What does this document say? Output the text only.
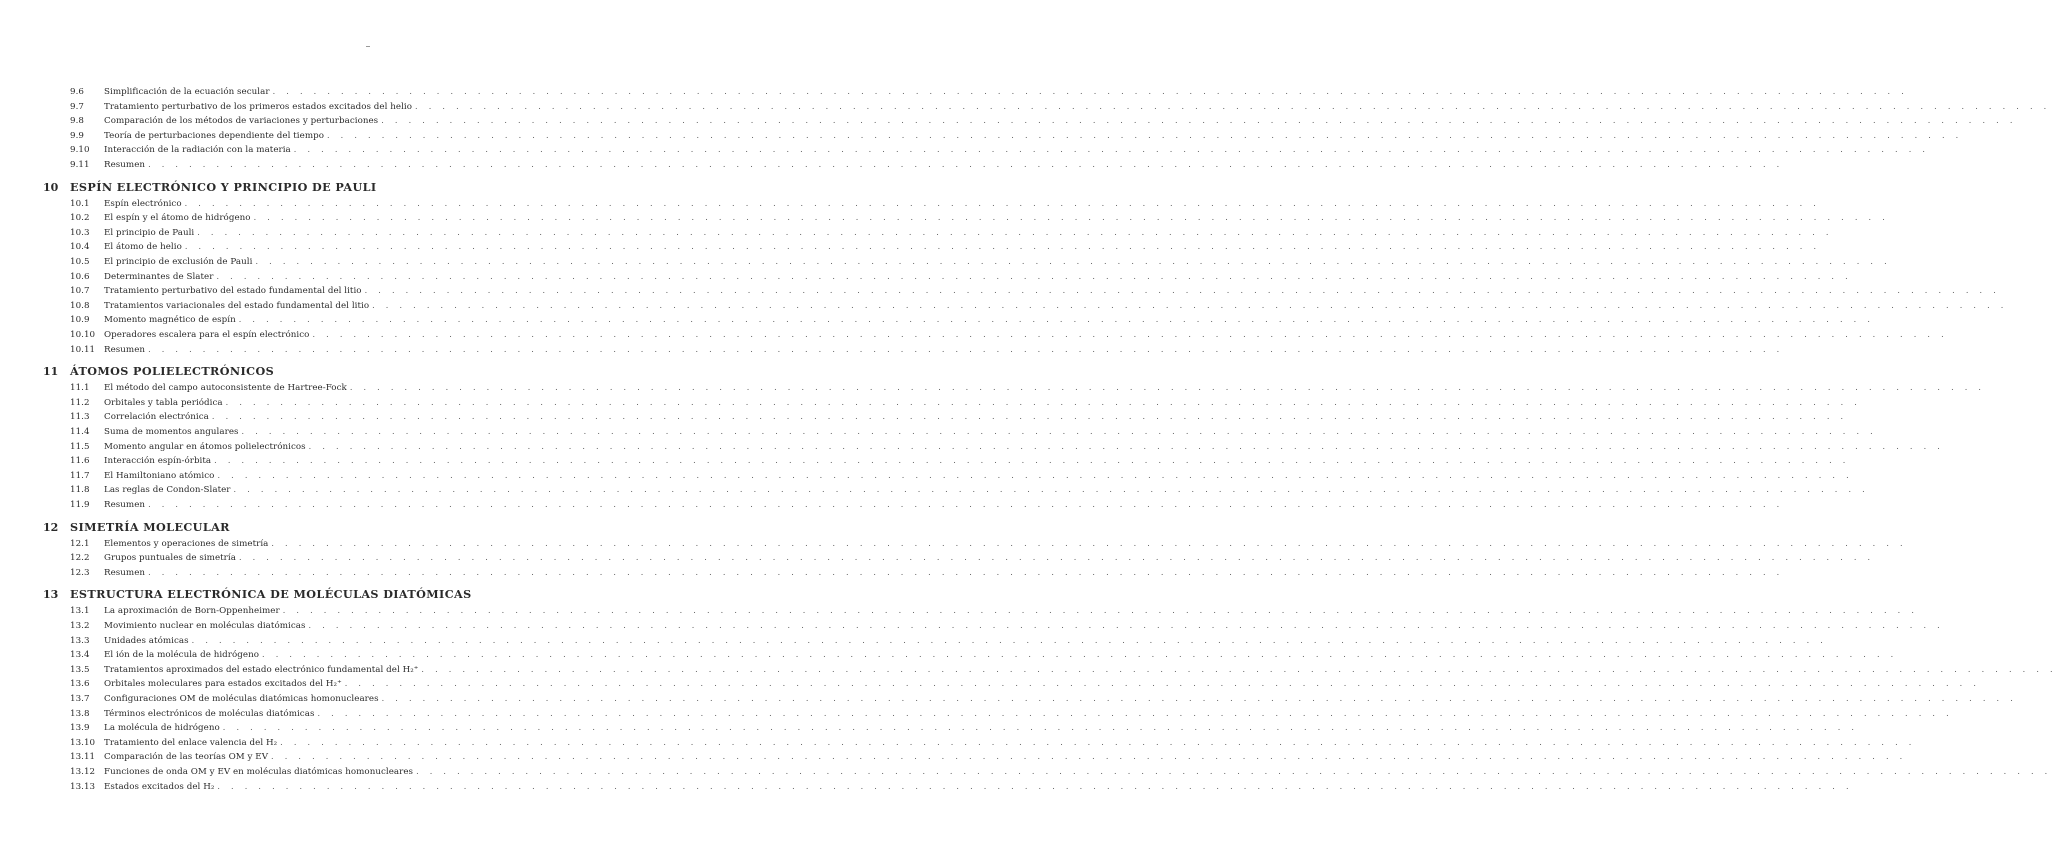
9.6	Simplificación de la ecuación secular . . . . . . . . . . . . . . . . . . . . . . . . . . . . . . . . . . . . . . . . . . . . . . . . . . . . . . . . . . . . . . . . . . . . . . . . . . . . . . . . . . . . . . . . . . . . . . . . . . . . . . . . . . . . . . . . . . . . . . . .
9.7	Tratamiento perturbativo de los primeros estados excitados del helio . . . . . . . . . . . . . . . . . . . . . . . . . . . . . . . . . . . . . . . . . . . . . . . . . . . . . . . . . . . . . . . . . . . . . . . . . . . . . . . . . . . . . . . . . . . . . . . . . . . . . . . . . . . . . . . . . . . . . . . .
9.8	Comparación de los métodos de variaciones y perturbaciones . . . . . . . . . . . . . . . . . . . . . . . . . . . . . . . . . . . . . . . . . . . . . . . . . . . . . . . . . . . . . . . . . . . . . . . . . . . . . . . . . . . . . . . . . . . . . . . . . . . . . . . . . . . . . . . . . . . . . . . .
9.9	Teoría de perturbaciones dependiente del tiempo . . . . . . . . . . . . . . . . . . . . . . . . . . . . . . . . . . . . . . . . . . . . . . . . . . . . . . . . . . . . . . . . . . . . . . . . . . . . . . . . . . . . . . . . . . . . . . . . . . . . . . . . . . . . . . . . . . . . . . . .
9.10	Interacción de la radiación con la materia . . . . . . . . . . . . . . . . . . . . . . . . . . . . . . . . . . . . . . . . . . . . . . . . . . . . . . . . . . . . . . . . . . . . . . . . . . . . . . . . . . . . . . . . . . . . . . . . . . . . . . . . . . . . . . . . . . . . . . . .
9.11	Resumen . . . . . . . . . . . . . . . . . . . . . . . . . . . . . . . . . . . . . . . . . . . . . . . . . . . . . . . . . . . . . . . . . . . . . . . . . . . . . . . . . . . . . . . . . . . . . . . . . . . . . . . . . . . . . . . . . . . . . . . .
10	ESPÍN ELECTRÓNICO Y PRINCIPIO DE PAULI
10.1	Espín electrónico . . . . . . . . . . . . . . . . . . . . . . . . . . . . . . . . . . . . . . . . . . . . . . . . . . . . . . . . . . . . . . . . . . . . . . . . . . . . . . . . . . . . . . . . . . . . . . . . . . . . . . . . . . . . . . . . . . . . . . . .
10.2	El espín y el átomo de hidrógeno . . . . . . . . . . . . . . . . . . . . . . . . . . . . . . . . . . . . . . . . . . . . . . . . . . . . . . . . . . . . . . . . . . . . . . . . . . . . . . . . . . . . . . . . . . . . . . . . . . . . . . . . . . . . . . . . . . . . . . . .
10.3	El principio de Pauli . . . . . . . . . . . . . . . . . . . . . . . . . . . . . . . . . . . . . . . . . . . . . . . . . . . . . . . . . . . . . . . . . . . . . . . . . . . . . . . . . . . . . . . . . . . . . . . . . . . . . . . . . . . . . . . . . . . . . . . .
10.4	El átomo de helio . . . . . . . . . . . . . . . . . . . . . . . . . . . . . . . . . . . . . . . . . . . . . . . . . . . . . . . . . . . . . . . . . . . . . . . . . . . . . . . . . . . . . . . . . . . . . . . . . . . . . . . . . . . . . . . . . . . . . . . .
10.5	El principio de exclusión de Pauli . . . . . . . . . . . . . . . . . . . . . . . . . . . . . . . . . . . . . . . . . . . . . . . . . . . . . . . . . . . . . . . . . . . . . . . . . . . . . . . . . . . . . . . . . . . . . . . . . . . . . . . . . . . . . . . . . . . . . . . .
10.6	Determinantes de Slater . . . . . . . . . . . . . . . . . . . . . . . . . . . . . . . . . . . . . . . . . . . . . . . . . . . . . . . . . . . . . . . . . . . . . . . . . . . . . . . . . . . . . . . . . . . . . . . . . . . . . . . . . . . . . . . . . . . . . . . .
10.7	Tratamiento perturbativo del estado fundamental del litio . . . . . . . . . . . . . . . . . . . . . . . . . . . . . . . . . . . . . . . . . . . . . . . . . . . . . . . . . . . . . . . . . . . . . . . . . . . . . . . . . . . . . . . . . . . . . . . . . . . . . . . . . . . . . . . . . . . . . . . .
10.8	Tratamientos variacionales del estado fundamental del litio . . . . . . . . . . . . . . . . . . . . . . . . . . . . . . . . . . . . . . . . . . . . . . . . . . . . . . . . . . . . . . . . . . . . . . . . . . . . . . . . . . . . . . . . . . . . . . . . . . . . . . . . . . . . . . . . . . . . . . . .
10.9	Momento magnético de espín . . . . . . . . . . . . . . . . . . . . . . . . . . . . . . . . . . . . . . . . . . . . . . . . . . . . . . . . . . . . . . . . . . . . . . . . . . . . . . . . . . . . . . . . . . . . . . . . . . . . . . . . . . . . . . . . . . . . . . . .
10.10	Operadores escalera para el espín electrónico . . . . . . . . . . . . . . . . . . . . . . . . . . . . . . . . . . . . . . . . . . . . . . . . . . . . . . . . . . . . . . . . . . . . . . . . . . . . . . . . . . . . . . . . . . . . . . . . . . . . . . . . . . . . . . . . . . . . . . . .
10.11	Resumen . . . . . . . . . . . . . . . . . . . . . . . . . . . . . . . . . . . . . . . . . . . . . . . . . . . . . . . . . . . . . . . . . . . . . . . . . . . . . . . . . . . . . . . . . . . . . . . . . . . . . . . . . . . . . . . . . . . . . . . .
11	ÁTOMOS POLIELECTRÓNICOS
11.1	El método del campo autoconsistente de Hartree-Fock . . . . . . . . . . . . . . . . . . . . . . . . . . . . . . . . . . . . . . . . . . . . . . . . . . . . . . . . . . . . . . . . . . . . . . . . . . . . . . . . . . . . . . . . . . . . . . . . . . . . . . . . . . . . . . . . . . . . . . . .
11.2	Orbitales y tabla periódica . . . . . . . . . . . . . . . . . . . . . . . . . . . . . . . . . . . . . . . . . . . . . . . . . . . . . . . . . . . . . . . . . . . . . . . . . . . . . . . . . . . . . . . . . . . . . . . . . . . . . . . . . . . . . . . . . . . . . . . .
11.3	Correlación electrónica . . . . . . . . . . . . . . . . . . . . . . . . . . . . . . . . . . . . . . . . . . . . . . . . . . . . . . . . . . . . . . . . . . . . . . . . . . . . . . . . . . . . . . . . . . . . . . . . . . . . . . . . . . . . . . . . . . . . . . . .
11.4	Suma de momentos angulares . . . . . . . . . . . . . . . . . . . . . . . . . . . . . . . . . . . . . . . . . . . . . . . . . . . . . . . . . . . . . . . . . . . . . . . . . . . . . . . . . . . . . . . . . . . . . . . . . . . . . . . . . . . . . . . . . . . . . . . .
11.5	Momento angular en átomos polielectrónicos . . . . . . . . . . . . . . . . . . . . . . . . . . . . . . . . . . . . . . . . . . . . . . . . . . . . . . . . . . . . . . . . . . . . . . . . . . . . . . . . . . . . . . . . . . . . . . . . . . . . . . . . . . . . . . . . . . . . . . . .
11.6	Interacción espín-órbita . . . . . . . . . . . . . . . . . . . . . . . . . . . . . . . . . . . . . . . . . . . . . . . . . . . . . . . . . . . . . . . . . . . . . . . . . . . . . . . . . . . . . . . . . . . . . . . . . . . . . . . . . . . . . . . . . . . . . . . .
11.7	El Hamiltoniano atómico . . . . . . . . . . . . . . . . . . . . . . . . . . . . . . . . . . . . . . . . . . . . . . . . . . . . . . . . . . . . . . . . . . . . . . . . . . . . . . . . . . . . . . . . . . . . . . . . . . . . . . . . . . . . . . . . . . . . . . . .
11.8	Las reglas de Condon-Slater . . . . . . . . . . . . . . . . . . . . . . . . . . . . . . . . . . . . . . . . . . . . . . . . . . . . . . . . . . . . . . . . . . . . . . . . . . . . . . . . . . . . . . . . . . . . . . . . . . . . . . . . . . . . . . . . . . . . . . . .
11.9	Resumen . . . . . . . . . . . . . . . . . . . . . . . . . . . . . . . . . . . . . . . . . . . . . . . . . . . . . . . . . . . . . . . . . . . . . . . . . . . . . . . . . . . . . . . . . . . . . . . . . . . . . . . . . . . . . . . . . . . . . . . .
12	SIMETRÍA MOLECULAR
12.1	Elementos y operaciones de simetría . . . . . . . . . . . . . . . . . . . . . . . . . . . . . . . . . . . . . . . . . . . . . . . . . . . . . . . . . . . . . . . . . . . . . . . . . . . . . . . . . . . . . . . . . . . . . . . . . . . . . . . . . . . . . . . . . . . . . . . .
12.2	Grupos puntuales de simetría . . . . . . . . . . . . . . . . . . . . . . . . . . . . . . . . . . . . . . . . . . . . . . . . . . . . . . . . . . . . . . . . . . . . . . . . . . . . . . . . . . . . . . . . . . . . . . . . . . . . . . . . . . . . . . . . . . . . . . . .
12.3	Resumen . . . . . . . . . . . . . . . . . . . . . . . . . . . . . . . . . . . . . . . . . . . . . . . . . . . . . . . . . . . . . . . . . . . . . . . . . . . . . . . . . . . . . . . . . . . . . . . . . . . . . . . . . . . . . . . . . . . . . . . .
13	ESTRUCTURA ELECTRÓNICA DE MOLÉCULAS DIATÓMICAS
13.1	La aproximación de Born-Oppenheimer . . . . . . . . . . . . . . . . . . . . . . . . . . . . . . . . . . . . . . . . . . . . . . . . . . . . . . . . . . . . . . . . . . . . . . . . . . . . . . . . . . . . . . . . . . . . . . . . . . . . . . . . . . . . . . . . . . . . . . . .
13.2	Movimiento nuclear en moléculas diatómicas . . . . . . . . . . . . . . . . . . . . . . . . . . . . . . . . . . . . . . . . . . . . . . . . . . . . . . . . . . . . . . . . . . . . . . . . . . . . . . . . . . . . . . . . . . . . . . . . . . . . . . . . . . . . . . . . . . . . . . . .
13.3	Unidades atómicas . . . . . . . . . . . . . . . . . . . . . . . . . . . . . . . . . . . . . . . . . . . . . . . . . . . . . . . . . . . . . . . . . . . . . . . . . . . . . . . . . . . . . . . . . . . . . . . . . . . . . . . . . . . . . . . . . . . . . . . .
13.4	El ión de la molécula de hidrógeno . . . . . . . . . . . . . . . . . . . . . . . . . . . . . . . . . . . . . . . . . . . . . . . . . . . . . . . . . . . . . . . . . . . . . . . . . . . . . . . . . . . . . . . . . . . . . . . . . . . . . . . . . . . . . . . . . . . . . . . .
13.5	Tratamientos aproximados del estado electrónico fundamental del H₂⁺ . . . . . . . . . . . . . . . . . . . . . . . . . . . . . . . . . . . . . . . . . . . . . . . . . . . . . . . . . . . . . . . . . . . . . . . . . . . . . . . . . . . . . . . . . . . . . . . . . . . . . . . . . . . . . . . . . . . . . . . .
13.6	Orbitales moleculares para estados excitados del H₂⁺ . . . . . . . . . . . . . . . . . . . . . . . . . . . . . . . . . . . . . . . . . . . . . . . . . . . . . . . . . . . . . . . . . . . . . . . . . . . . . . . . . . . . . . . . . . . . . . . . . . . . . . . . . . . . . . . . . . . . . . . .
13.7	Configuraciones OM de moléculas diatómicas homonucleares . . . . . . . . . . . . . . . . . . . . . . . . . . . . . . . . . . . . . . . . . . . . . . . . . . . . . . . . . . . . . . . . . . . . . . . . . . . . . . . . . . . . . . . . . . . . . . . . . . . . . . . . . . . . . . . . . . . . . . . .
13.8	Términos electrónicos de moléculas diatómicas . . . . . . . . . . . . . . . . . . . . . . . . . . . . . . . . . . . . . . . . . . . . . . . . . . . . . . . . . . . . . . . . . . . . . . . . . . . . . . . . . . . . . . . . . . . . . . . . . . . . . . . . . . . . . . . . . . . . . . . .
13.9	La molécula de hidrógeno . . . . . . . . . . . . . . . . . . . . . . . . . . . . . . . . . . . . . . . . . . . . . . . . . . . . . . . . . . . . . . . . . . . . . . . . . . . . . . . . . . . . . . . . . . . . . . . . . . . . . . . . . . . . . . . . . . . . . . . .
13.10	Tratamiento del enlace valencia del H₂ . . . . . . . . . . . . . . . . . . . . . . . . . . . . . . . . . . . . . . . . . . . . . . . . . . . . . . . . . . . . . . . . . . . . . . . . . . . . . . . . . . . . . . . . . . . . . . . . . . . . . . . . . . . . . . . . . . . . . . . .
13.11	Comparación de las teorías OM y EV . . . . . . . . . . . . . . . . . . . . . . . . . . . . . . . . . . . . . . . . . . . . . . . . . . . . . . . . . . . . . . . . . . . . . . . . . . . . . . . . . . . . . . . . . . . . . . . . . . . . . . . . . . . . . . . . . . . . . . . .
13.12	Funciones de onda OM y EV en moléculas diatómicas homonucleares . . . . . . . . . . . . . . . . . . . . . . . . . . . . . . . . . . . . . . . . . . . . . . . . . . . . . . . . . . . . . . . . . . . . . . . . . . . . . . . . . . . . . . . . . . . . . . . . . . . . . . . . . . . . . . . . . . . . . . . .
13.13	Estados excitados del H₂ . . . . . . . . . . . . . . . . . . . . . . . . . . . . . . . . . . . . . . . . . . . . . . . . . . . . . . . . . . . . . . . . . . . . . . . . . . . . . . . . . . . . . . . . . . . . . . . . . . . . . . . . . . . . . . . . . . . . . . . .
